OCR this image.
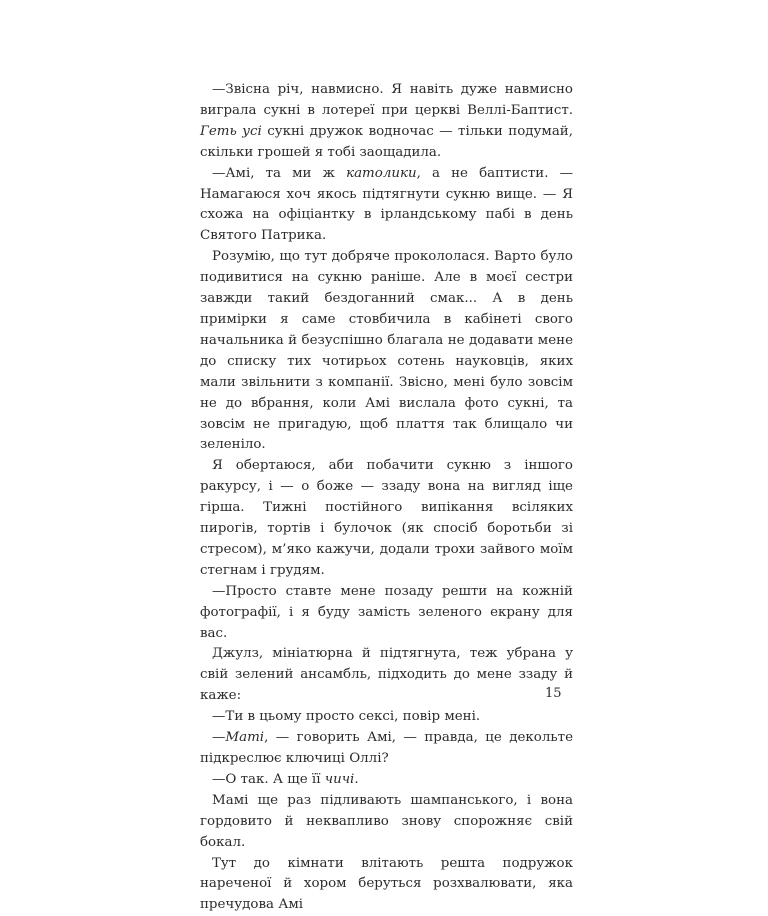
—Звісна річ, навмисно. Я навіть дуже навмисно виграла сукні в лотереї при церкві Веллі-Баптист. Геть усі сукні дружок водночас — тільки подумай, скільки грошей я тобі заощадила.

—Амі, та ми ж католики, а не баптисти. — Намагаюся хоч якось підтягнути сукню вище. — Я схожа на офіціантку в ірландському пабі в день Святого Патрика.

Розумію, що тут добряче прокололася. Варто було подивитися на сукню раніше. Але в моєї сестри завжди такий бездоганний смак... А в день примірки я саме стовбичила в кабінеті свого начальника й безуспішно благала не додавати мене до списку тих чотирьох сотень науковців, яких мали звільнити з компанії. Звісно, мені було зовсім не до вбрання, коли Амі вислала фото сукні, та зовсім не пригадую, щоб плаття так блищало чи зеленіло.

Я обертаюся, аби побачити сукню з іншого ракурсу, і — о боже — ззаду вона на вигляд іще гірша. Тижні постійного випікання всіляких пирогів, тортів і булочок (як спосіб боротьби зі стресом), м’яко кажучи, додали трохи зайвого моїм стегнам і грудям.

—Просто ставте мене позаду решти на кожній фотографії, і я буду замість зеленого екрану для вас.

Джулз, мініатюрна й підтягнута, теж убрана у свій зелений ансамбль, підходить до мене ззаду й каже:

—Ти в цьому просто сексі, повір мені.

—Маті, — говорить Амі, — правда, це декольте підкреслює ключиці Оллі?

—О так. А ще її чичі.

Мамі ще раз підливають шампанського, і вона гордовито й неквапливо знову спорожняє свій бокал.

Тут до кімнати влітають решта подружок нареченої й хором беруться розхвалювати, яка пречудова Амі

15
